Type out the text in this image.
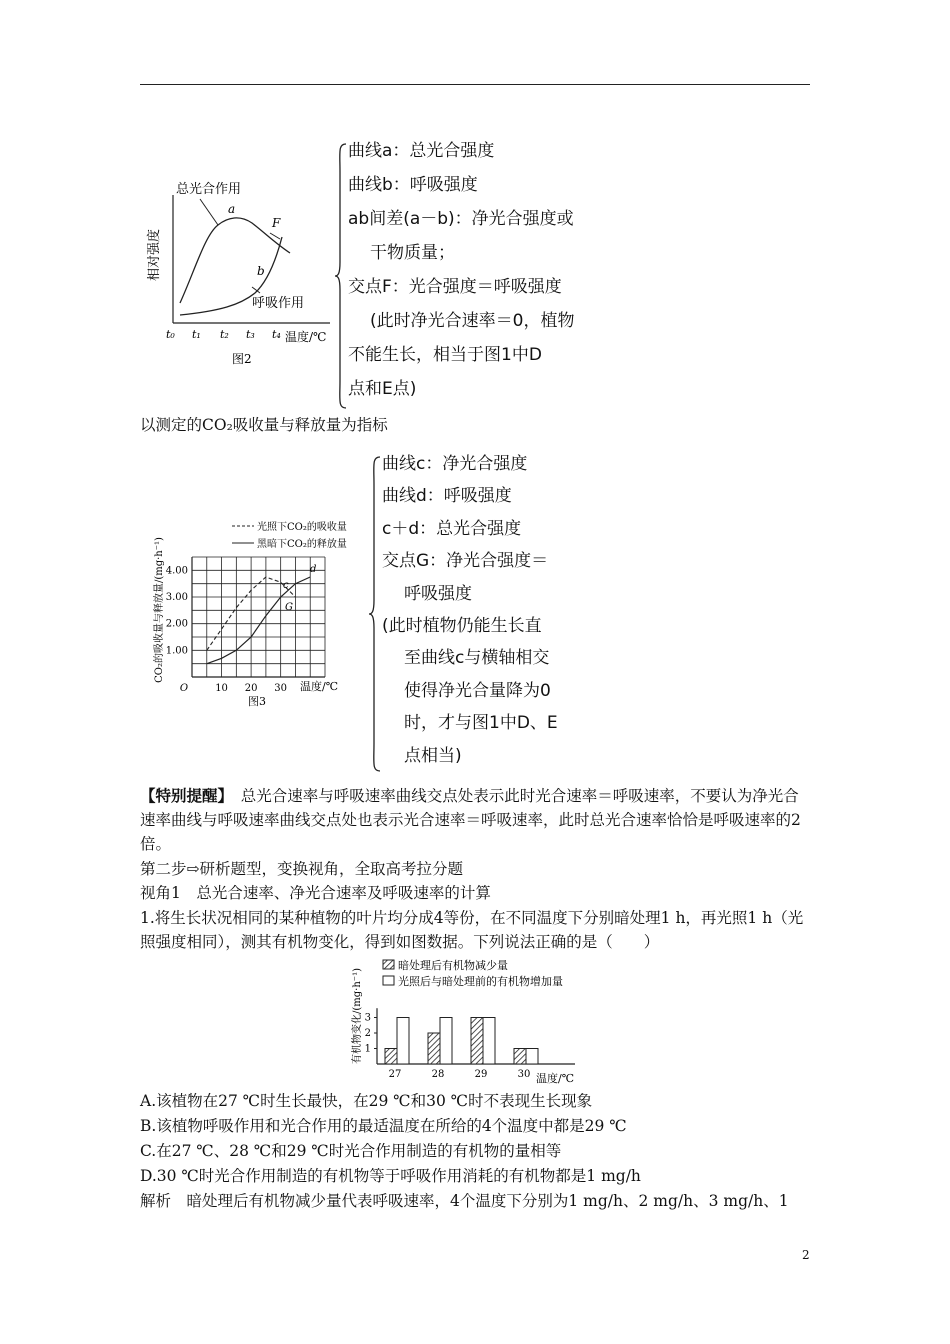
相对强度
总光合作用
a
F
b
呼吸作用
t₀ t₁ t₂ t₃ t₄ 温度/℃
图2
曲线a：总光合强度
曲线b：呼吸强度
ab间差(a－b)：净光合强度或
干物质量；
交点F：光合强度＝呼吸强度
(此时净光合速率＝0，植物
不能生长，相当于图1中D
点和E点)
以测定的CO₂吸收量与释放量为指标
CO₂的吸收量与释放量/(mg·h⁻¹)
光照下CO₂的吸收量
黑暗下CO₂的释放量
1.00
2.00
3.00
4.00
O	10 20 30
c
d
G
温度/℃
图3
曲线c：净光合强度
曲线d：呼吸强度
c＋d：总光合强度
交点G：净光合强度＝
呼吸强度
(此时植物仍能生长直
至曲线c与横轴相交
使得净光合量降为0
时，才与图1中D、E
点相当)
【特别提醒】　总光合速率与呼吸速率曲线交点处表示此时光合速率＝呼吸速率，不要认为净光合速率曲线与呼吸速率曲线交点处也表示光合速率＝呼吸速率，此时总光合速率恰恰是呼吸速率的2倍。
第二步⇨研析题型，变换视角，全取高考拉分题
视角1　总光合速率、净光合速率及呼吸速率的计算
1.将生长状况相同的某种植物的叶片均分成4等份，在不同温度下分别暗处理1 h，再光照1 h（光照强度相同），测其有机物变化，得到如图数据。下列说法正确的是（　　）
有机物变化/(mg·h⁻¹)
暗处理后有机物减少量
光照后与暗处理前的有机物增加量
1
2
3
27	28	29	30 温度/℃
A.该植物在27 ℃时生长最快，在29 ℃和30 ℃时不表现生长现象
B.该植物呼吸作用和光合作用的最适温度在所给的4个温度中都是29 ℃
C.在27 ℃、28 ℃和29 ℃时光合作用制造的有机物的量相等
D.30 ℃时光合作用制造的有机物等于呼吸作用消耗的有机物都是1 mg/h
解析　暗处理后有机物减少量代表呼吸速率，4个温度下分别为1 mg/h、2 mg/h、3 mg/h、1
2
